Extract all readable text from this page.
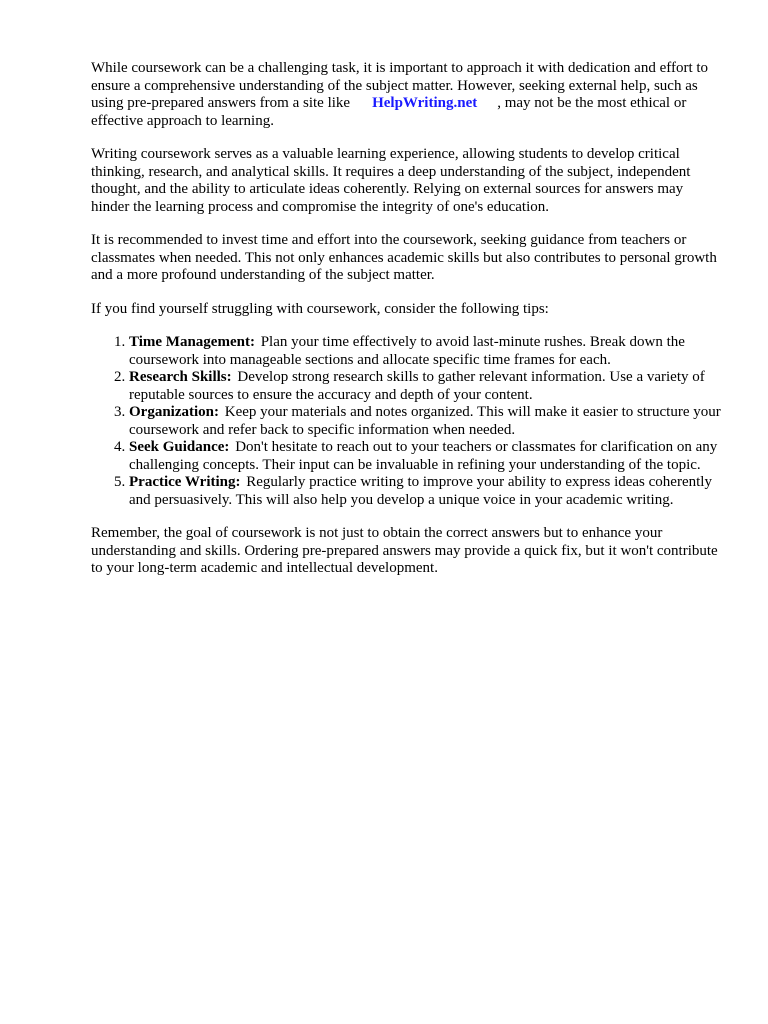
While coursework can be a challenging task, it is important to approach it with dedication and effort to ensure a comprehensive understanding of the subject matter. However, seeking external help, such as using pre-prepared answers from a site like HelpWriting.net , may not be the most ethical or effective approach to learning.

Writing coursework serves as a valuable learning experience, allowing students to develop critical thinking, research, and analytical skills. It requires a deep understanding of the subject, independent thought, and the ability to articulate ideas coherently. Relying on external sources for answers may hinder the learning process and compromise the integrity of one's education.

It is recommended to invest time and effort into the coursework, seeking guidance from teachers or classmates when needed. This not only enhances academic skills but also contributes to personal growth and a more profound understanding of the subject matter.

If you find yourself struggling with coursework, consider the following tips:

1. Time Management: Plan your time effectively to avoid last-minute rushes. Break down the coursework into manageable sections and allocate specific time frames for each.
2. Research Skills: Develop strong research skills to gather relevant information. Use a variety of reputable sources to ensure the accuracy and depth of your content.
3. Organization: Keep your materials and notes organized. This will make it easier to structure your coursework and refer back to specific information when needed.
4. Seek Guidance: Don't hesitate to reach out to your teachers or classmates for clarification on any challenging concepts. Their input can be invaluable in refining your understanding of the topic.
5. Practice Writing: Regularly practice writing to improve your ability to express ideas coherently and persuasively. This will also help you develop a unique voice in your academic writing.

Remember, the goal of coursework is not just to obtain the correct answers but to enhance your understanding and skills. Ordering pre-prepared answers may provide a quick fix, but it won't contribute to your long-term academic and intellectual development.
